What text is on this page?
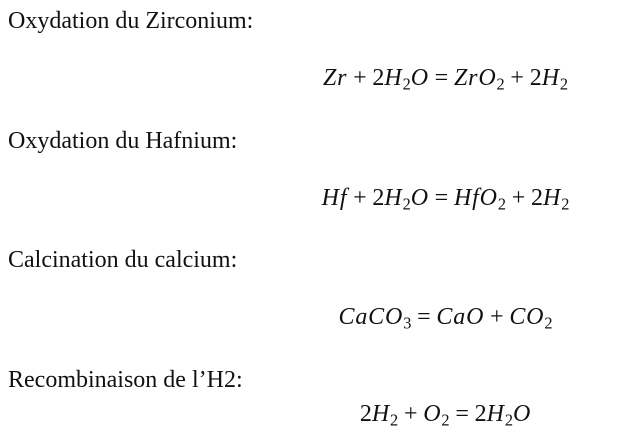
Oxydation du Zirconium:

Zr + 2H2O = ZrO2 + 2H2

Oxydation du Hafnium:

Hf + 2H2O = HfO2 + 2H2

Calcination du calcium:

CaCO3 = CaO + CO2

Recombinaison de l’H2:

2H2 + O2 = 2H2O
